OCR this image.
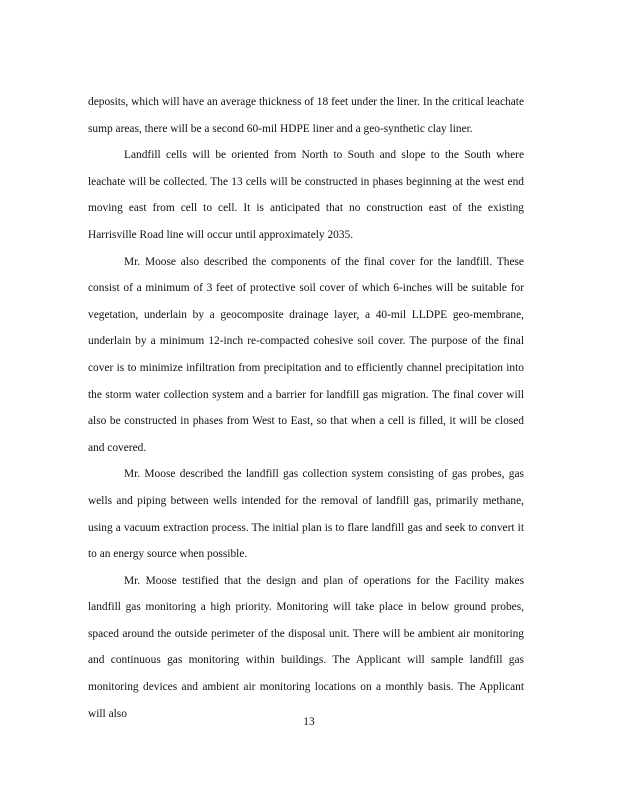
deposits, which will have an average thickness of 18 feet under the liner. In the critical leachate sump areas, there will be a second 60-mil HDPE liner and a geo-synthetic clay liner.

Landfill cells will be oriented from North to South and slope to the South where leachate will be collected. The 13 cells will be constructed in phases beginning at the west end moving east from cell to cell. It is anticipated that no construction east of the existing Harrisville Road line will occur until approximately 2035.

Mr. Moose also described the components of the final cover for the landfill. These consist of a minimum of 3 feet of protective soil cover of which 6-inches will be suitable for vegetation, underlain by a geocomposite drainage layer, a 40-mil LLDPE geo-membrane, underlain by a minimum 12-inch re-compacted cohesive soil cover. The purpose of the final cover is to minimize infiltration from precipitation and to efficiently channel precipitation into the storm water collection system and a barrier for landfill gas migration. The final cover will also be constructed in phases from West to East, so that when a cell is filled, it will be closed and covered.

Mr. Moose described the landfill gas collection system consisting of gas probes, gas wells and piping between wells intended for the removal of landfill gas, primarily methane, using a vacuum extraction process. The initial plan is to flare landfill gas and seek to convert it to an energy source when possible.

Mr. Moose testified that the design and plan of operations for the Facility makes landfill gas monitoring a high priority. Monitoring will take place in below ground probes, spaced around the outside perimeter of the disposal unit. There will be ambient air monitoring and continuous gas monitoring within buildings. The Applicant will sample landfill gas monitoring devices and ambient air monitoring locations on a monthly basis. The Applicant will also

13
